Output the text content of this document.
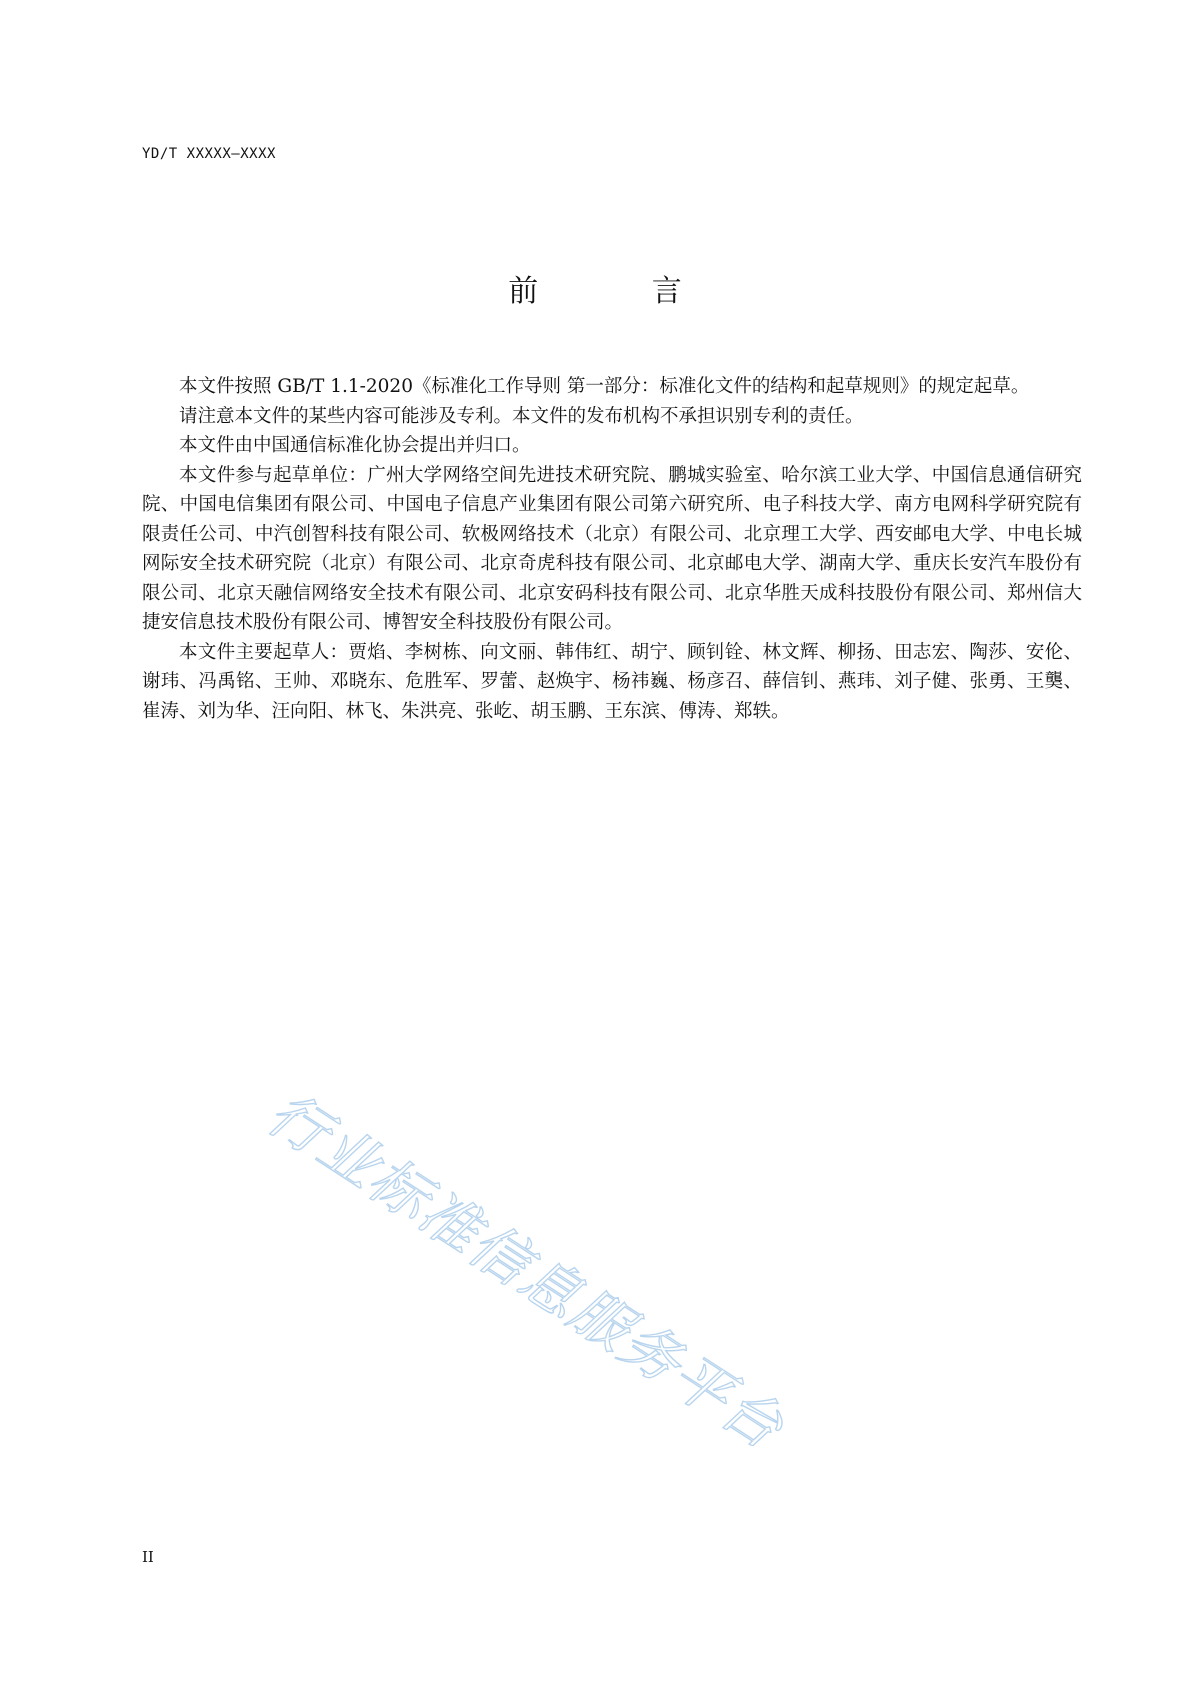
YD/T XXXXX—XXXX
前 言

本文件按照 GB/T 1.1-2020《标准化工作导则 第一部分：标准化文件的结构和起草规则》的规定起草。

请注意本文件的某些内容可能涉及专利。本文件的发布机构不承担识别专利的责任。

本文件由中国通信标准化协会提出并归口。

本文件参与起草单位：广州大学网络空间先进技术研究院、鹏城实验室、哈尔滨工业大学、中国信息通信研究院、中国电信集团有限公司、中国电子信息产业集团有限公司第六研究所、电子科技大学、南方电网科学研究院有限责任公司、中汽创智科技有限公司、软极网络技术（北京）有限公司、北京理工大学、西安邮电大学、中电长城网际安全技术研究院（北京）有限公司、北京奇虎科技有限公司、北京邮电大学、湖南大学、重庆长安汽车股份有限公司、北京天融信网络安全技术有限公司、北京安码科技有限公司、北京华胜天成科技股份有限公司、郑州信大捷安信息技术股份有限公司、博智安全科技股份有限公司。

本文件主要起草人：贾焰、李树栋、向文丽、韩伟红、胡宁、顾钊铨、林文辉、柳扬、田志宏、陶莎、安伦、谢玮、冯禹铭、王帅、邓晓东、危胜军、罗蕾、赵焕宇、杨祎巍、杨彦召、薛信钊、燕玮、刘子健、张勇、王龑、崔涛、刘为华、汪向阳、林飞、朱洪亮、张屹、胡玉鹏、王东滨、傅涛、郑轶。

行业标准信息服务平台
II
